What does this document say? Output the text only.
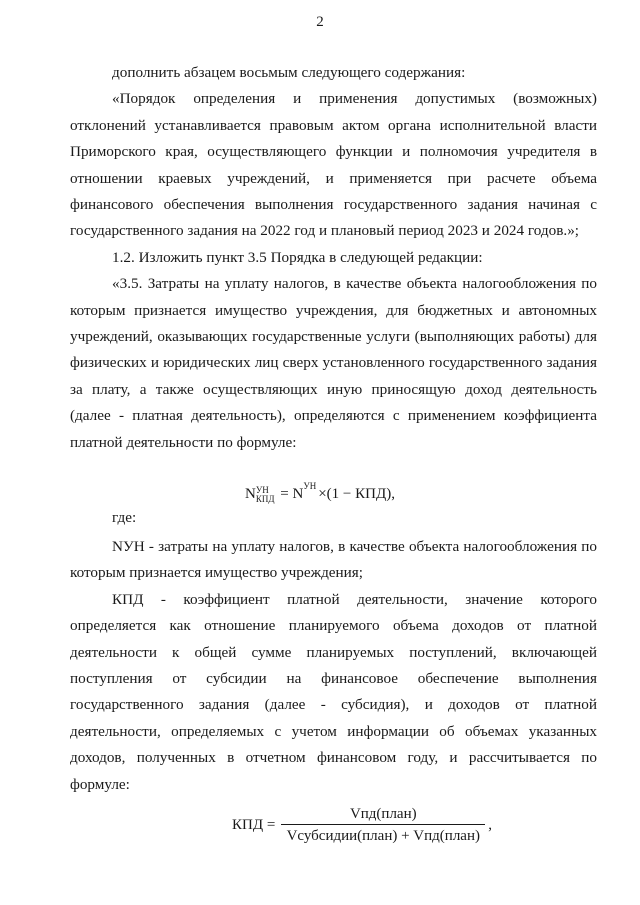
2

дополнить абзацем восьмым следующего содержания:

«Порядок определения и применения допустимых (возможных) отклонений устанавливается правовым актом органа исполнительной власти Приморского края, осуществляющего функции и полномочия учредителя в отношении краевых учреждений, и применяется при расчете объема финансового обеспечения выполнения государственного задания начиная с государственного задания на 2022 год и плановый период 2023 и 2024 годов.»;

1.2. Изложить пункт 3.5 Порядка в следующей редакции:

«3.5. Затраты на уплату налогов, в качестве объекта налогообложения по которым признается имущество учреждения, для бюджетных и автономных учреждений, оказывающих государственные услуги (выполняющих работы) для физических и юридических лиц сверх установленного государственного задания за плату, а также осуществляющих иную приносящую доход деятельность (далее - платная деятельность), определяются с применением коэффициента платной деятельности по формуле:

NУН
КПД = NУН ×(1 − КПД),
где:

NУН - затраты на уплату налогов, в качестве объекта налогообложения по которым признается имущество учреждения;

КПД - коэффициент платной деятельности, значение которого определяется как отношение планируемого объема доходов от платной деятельности к общей сумме планируемых поступлений, включающей поступления от субсидии на финансовое обеспечение выполнения государственного задания (далее - субсидия), и доходов от платной деятельности, определяемых с учетом информации об объемах указанных доходов, полученных в отчетном финансовом году, и рассчитывается по формуле:

КПД = $\frac{\text{Vпд(план)}}{\text{Vсубсидии(план) + Vпд(план)}}$ ,
